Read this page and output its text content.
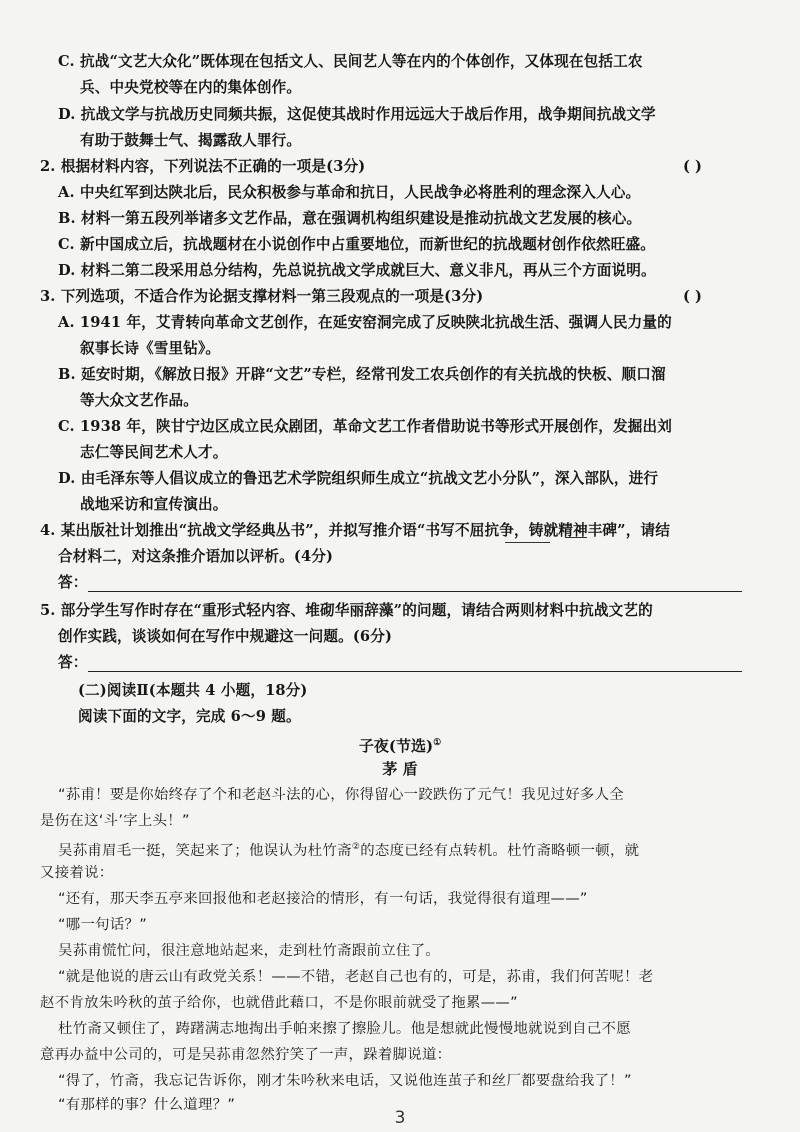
C. 抗战“文艺大众化”既体现在包括文人、民间艺人等在内的个体创作，又体现在包括工农
兵、中央党校等在内的集体创作。
D. 抗战文学与抗战历史同频共振，这促使其战时作用远远大于战后作用，战争期间抗战文学
有助于鼓舞士气、揭露敌人罪行。
2. 根据材料内容，下列说法不正确的一项是(3分)	( )
A. 中央红军到达陕北后，民众积极参与革命和抗日，人民战争必将胜利的理念深入人心。
B. 材料一第五段列举诸多文艺作品，意在强调机构组织建设是推动抗战文艺发展的核心。
C. 新中国成立后，抗战题材在小说创作中占重要地位，而新世纪的抗战题材创作依然旺盛。
D. 材料二第二段采用总分结构，先总说抗战文学成就巨大、意义非凡，再从三个方面说明。
3. 下列选项，不适合作为论据支撑材料一第三段观点的一项是(3分)	( )
A. 1941 年，艾青转向革命文艺创作，在延安窑洞完成了反映陕北抗战生活、强调人民力量的
叙事长诗《雪里钻》。
B. 延安时期，《解放日报》开辟“文艺”专栏，经常刊发工农兵创作的有关抗战的快板、顺口溜
等大众文艺作品。
C. 1938 年，陕甘宁边区成立民众剧团，革命文艺工作者借助说书等形式开展创作，发掘出刘
志仁等民间艺术人才。
D. 由毛泽东等人倡议成立的鲁迅艺术学院组织师生成立“抗战文艺小分队”，深入部队，进行
战地采访和宣传演出。
4. 某出版社计划推出“抗战文学经典丛书”，并拟写推介语“书写不屈抗争，铸就精神丰碑”，请结
合材料二，对这条推介语加以评析。(4分)
答：
5. 部分学生写作时存在“重形式轻内容、堆砌华丽辞藻”的问题，请结合两则材料中抗战文艺的
创作实践，谈谈如何在写作中规避这一问题。(6分)
答：
(二)阅读Ⅱ(本题共 4 小题，18分)
阅读下面的文字，完成 6～9 题。
子夜(节选)①
茅 盾
“荪甫！要是你始终存了个和老赵斗法的心，你得留心一跤跌伤了元气！我见过好多人全
是伤在这‘斗’字上头！”
吴荪甫眉毛一挺，笑起来了；他误认为杜竹斋②的态度已经有点转机。杜竹斋略顿一顿，就
又接着说：
“还有，那天李五亭来回报他和老赵接洽的情形，有一句话，我觉得很有道理——”
“哪一句话？”
吴荪甫慌忙问，很注意地站起来，走到杜竹斋跟前立住了。
“就是他说的唐云山有政党关系！——不错，老赵自己也有的，可是，荪甫，我们何苦呢！老
赵不肯放朱吟秋的茧子给你，也就借此藉口，不是你眼前就受了拖累——”
杜竹斋又顿住了，踌躇满志地掏出手帕来擦了擦脸儿。他是想就此慢慢地就说到自己不愿
意再办益中公司的，可是吴荪甫忽然狞笑了一声，跺着脚说道：
“得了，竹斋，我忘记告诉你，刚才朱吟秋来电话，又说他连茧子和丝厂都要盘给我了！”
“有那样的事？什么道理？”
3
